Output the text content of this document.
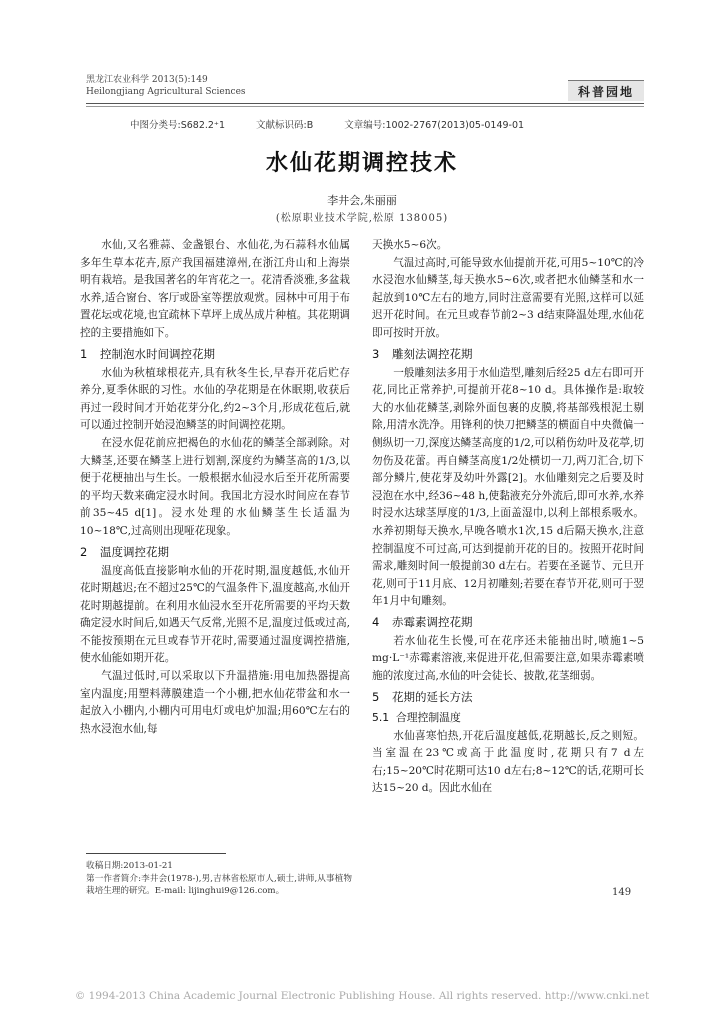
黑龙江农业科学 2013(5):149
Heilongjiang Agricultural Sciences	科普园地
中图分类号:S682.2⁺1	文献标识码:B	文章编号:1002-2767(2013)05-0149-01
水仙花期调控技术
李井会,朱丽丽
(松原职业技术学院,松原 138005)

水仙,又名雅蒜、金盏银台、水仙花,为石蒜科水仙属多年生草本花卉,原产我国福建漳州,在浙江舟山和上海崇明有栽培。是我国著名的年宵花之一。花清香淡雅,多盆栽水养,适合窗台、客厅或卧室等摆放观赏。园林中可用于布置花坛或花境,也宜疏林下草坪上成丛成片种植。其花期调控的主要措施如下。

1 控制泡水时间调控花期

水仙为秋植球根花卉,具有秋冬生长,早春开花后贮存养分,夏季休眠的习性。水仙的孕花期是在休眠期,收获后再过一段时间才开始花芽分化,约2~3个月,形成花苞后,就可以通过控制开始浸泡鳞茎的时间调控花期。

在浸水促花前应把褐色的水仙花的鳞茎全部剥除。对大鳞茎,还要在鳞茎上进行划割,深度约为鳞茎高的1/3,以便于花梗抽出与生长。一般根据水仙浸水后至开花所需要的平均天数来确定浸水时间。我国北方浸水时间应在春节前35~45 d[1]。浸水处理的水仙鳞茎生长适温为10~18℃,过高则出现哑花现象。

2 温度调控花期

温度高低直接影响水仙的开花时期,温度越低,水仙开花时期越迟;在不超过25℃的气温条件下,温度越高,水仙开花时期越提前。在利用水仙浸水至开花所需要的平均天数确定浸水时间后,如遇天气反常,光照不足,温度过低或过高,不能按预期在元旦或春节开花时,需要通过温度调控措施,使水仙能如期开花。

气温过低时,可以采取以下升温措施:用电加热器提高室内温度;用塑料薄膜建造一个小棚,把水仙花带盆和水一起放入小棚内,小棚内可用电灯或电炉加温;用60℃左右的热水浸泡水仙,每

收稿日期:2013-01-21

第一作者简介:李井会(1978-),男,吉林省松原市人,硕士,讲师,从事植物栽培生理的研究。E-mail: lijinghui9@126.com。

天换水5~6次。

气温过高时,可能导致水仙提前开花,可用5~10℃的冷水浸泡水仙鳞茎,每天换水5~6次,或者把水仙鳞茎和水一起放到10℃左右的地方,同时注意需要有光照,这样可以延迟开花时间。在元旦或春节前2~3 d结束降温处理,水仙花即可按时开放。

3 雕刻法调控花期

一般雕刻法多用于水仙造型,雕刻后经25 d左右即可开花,同比正常养护,可提前开花8~10 d。具体操作是:取较大的水仙花鳞茎,剥除外面包裹的皮膜,将基部残根泥土剔除,用清水洗净。用锋利的快刀把鳞茎的横面自中央微偏一侧纵切一刀,深度达鳞茎高度的1/2,可以稍伤幼叶及花葶,切勿伤及花蕾。再自鳞茎高度1/2处横切一刀,两刀汇合,切下部分鳞片,使花芽及幼叶外露[2]。水仙雕刻完之后要及时浸泡在水中,经36~48 h,使黏液充分外流后,即可水养,水养时浸水达球茎厚度的1/3,上面盖湿巾,以利上部根系吸水。水养初期每天换水,早晚各喷水1次,15 d后隔天换水,注意控制温度不可过高,可达到提前开花的目的。按照开花时间需求,雕刻时间一般提前30 d左右。若要在圣诞节、元旦开花,则可于11月底、12月初雕刻;若要在春节开花,则可于翌年1月中旬雕刻。

4 赤霉素调控花期

若水仙花生长慢,可在花序还未能抽出时,喷施1~5 mg·L⁻¹赤霉素溶液,来促进开花,但需要注意,如果赤霉素喷施的浓度过高,水仙的叶会徒长、披散,花茎细弱。

5 花期的延长方法
5.1 合理控制温度

水仙喜寒怕热,开花后温度越低,花期越长,反之则短。当室温在23℃或高于此温度时,花期只有7 d左右;15~20℃时花期可达10 d左右;8~12℃的话,花期可长达15~20 d。因此水仙在

149
© 1994-2013 China Academic Journal Electronic Publishing House. All rights reserved. http://www.cnki.net
